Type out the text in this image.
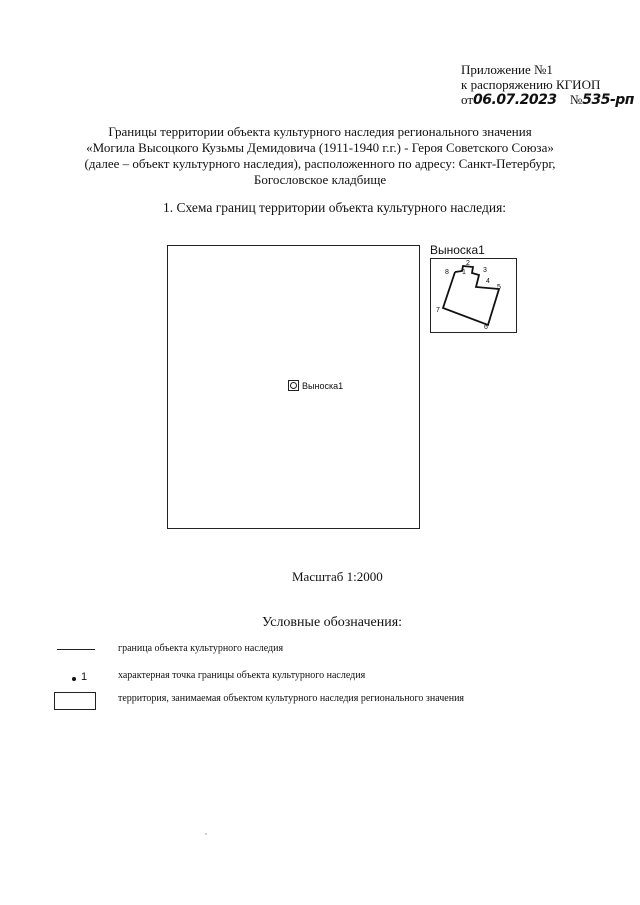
Приложение №1
к распоряжению КГИОП
от06.07.2023 №535-рп
Границы территории объекта культурного наследия регионального значения
«Могила Высоцкого Кузьмы Демидовича (1911-1940 г.г.) - Героя Советского Союза»
(далее – объект культурного наследия), расположенного по адресу: Санкт-Петербург,
Богословское кладбище
1. Схема границ территории объекта культурного наследия:
Выноска1
Выноска1
1
2
3
4
5
6
7
8
Масштаб 1:2000
Условные обозначения:
граница объекта культурного наследия
1	характерная точка границы объекта культурного наследия
территория, занимаемая объектом культурного наследия регионального значения
